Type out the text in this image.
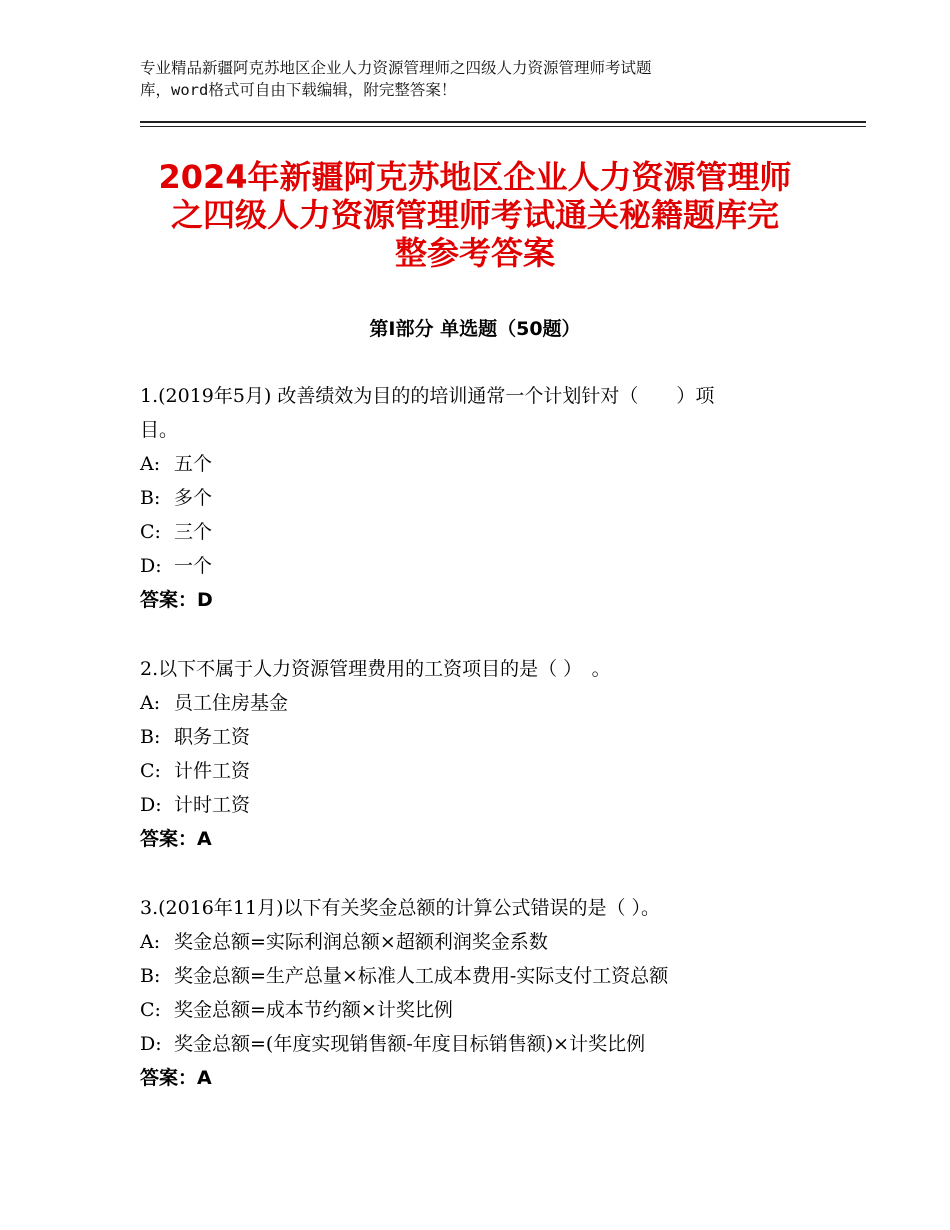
专业精品新疆阿克苏地区企业人力资源管理师之四级人力资源管理师考试题
库，word格式可自由下载编辑，附完整答案！
2024年新疆阿克苏地区企业人力资源管理师
之四级人力资源管理师考试通关秘籍题库完
整参考答案
第Ⅰ部分 单选题（50题）

1.(2019年5月) 改善绩效为目的的培训通常一个计划针对（　　）项

目。

A: 五个

B: 多个

C: 三个

D: 一个

答案：D

2.以下不属于人力资源管理费用的工资项目的是（ ）　。

A: 员工住房基金

B: 职务工资

C: 计件工资

D: 计时工资

答案：A

3.(2016年11月)以下有关奖金总额的计算公式错误的是（ ）。

A: 奖金总额=实际利润总额×超额利润奖金系数

B: 奖金总额=生产总量×标准人工成本费用-实际支付工资总额

C: 奖金总额=成本节约额×计奖比例

D: 奖金总额=(年度实现销售额-年度目标销售额)×计奖比例

答案：A
